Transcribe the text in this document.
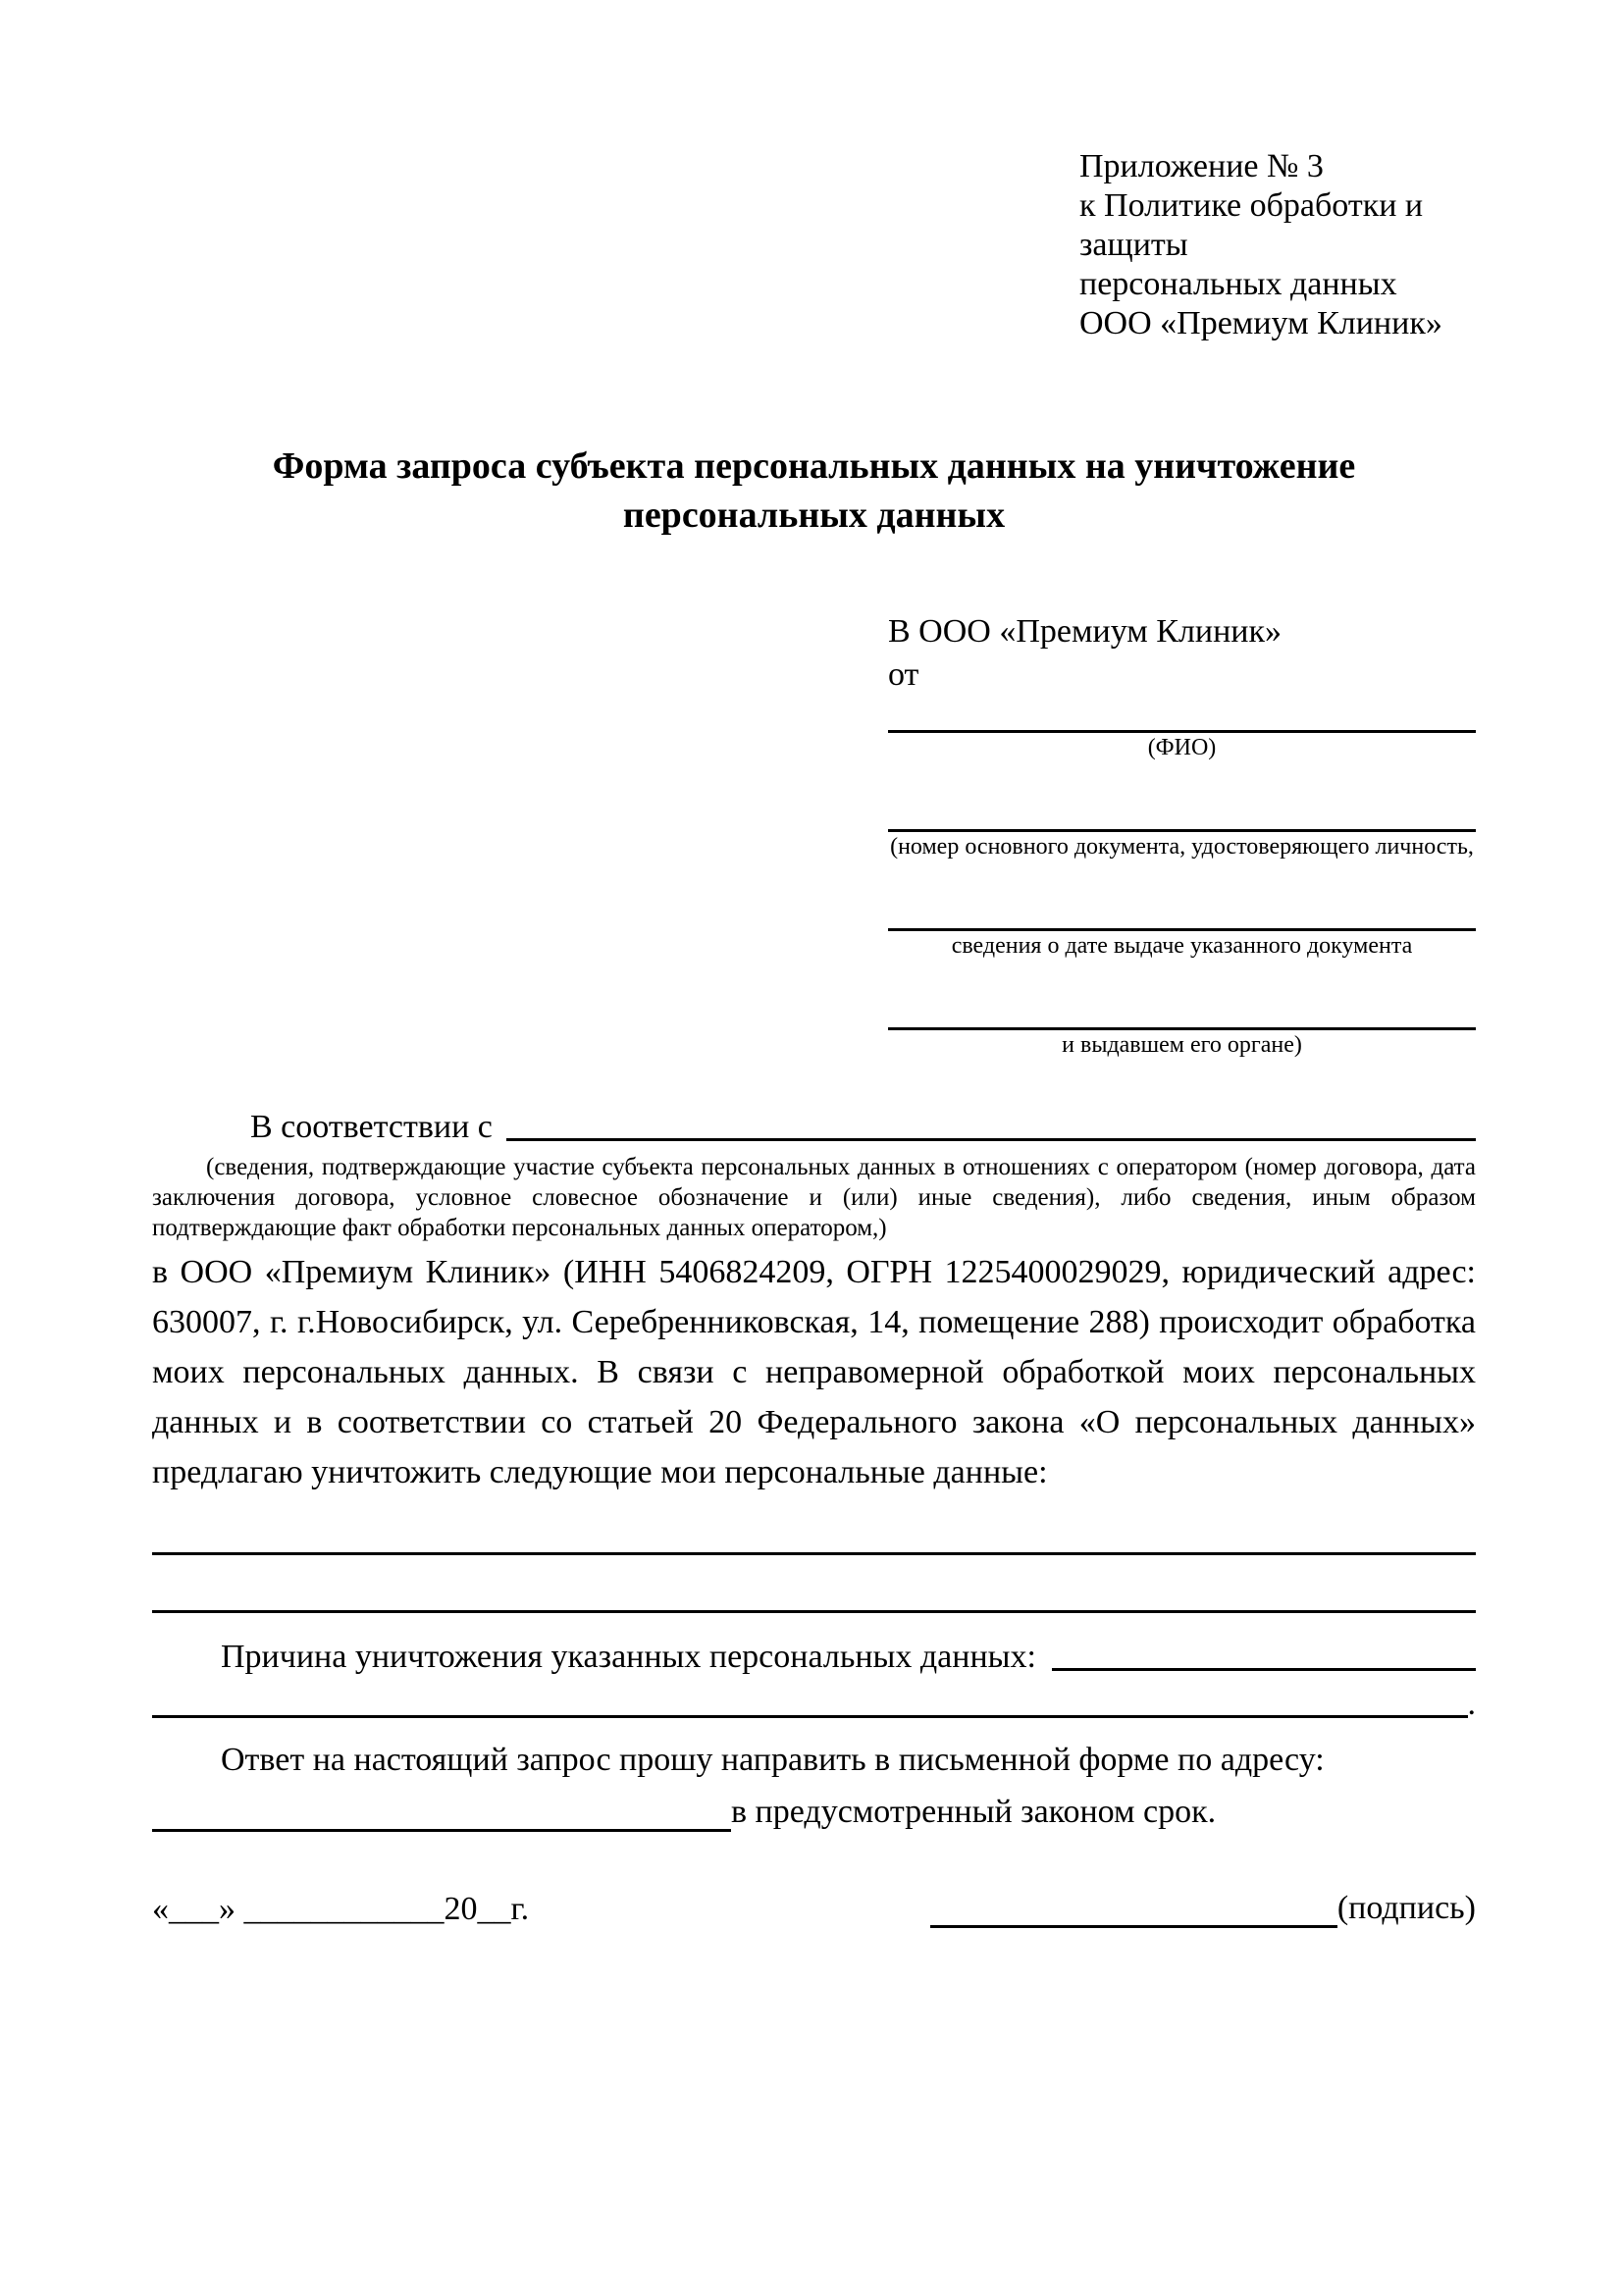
Приложение № 3
к Политике обработки и защиты
персональных данных
ООО «Премиум Клиник»
Форма запроса субъекта персональных данных на уничтожение персональных данных
В ООО «Премиум Клиник»
от
(ФИО)
(номер основного документа, удостоверяющего личность,
сведения о дате выдаче указанного документа
и выдавшем его органе)
В соответствии с
(сведения, подтверждающие участие субъекта персональных данных в отношениях с оператором (номер договора, дата заключения договора, условное словесное обозначение и (или) иные сведения), либо сведения, иным образом подтверждающие факт обработки персональных данных оператором,)
в ООО «Премиум Клиник» (ИНН 5406824209, ОГРН 1225400029029, юридический адрес: 630007, г. г.Новосибирск, ул. Серебренниковская, 14, помещение 288) происходит обработка моих персональных данных. В связи с неправомерной обработкой моих персональных данных и в соответствии со статьей 20 Федерального закона «О персональных данных» предлагаю уничтожить следующие мои персональные данные:
Причина уничтожения указанных персональных данных:
.
Ответ на настоящий запрос прошу направить в письменной форме по адресу:
в предусмотренный законом срок.
«___» ____________20__г.	(подпись)
